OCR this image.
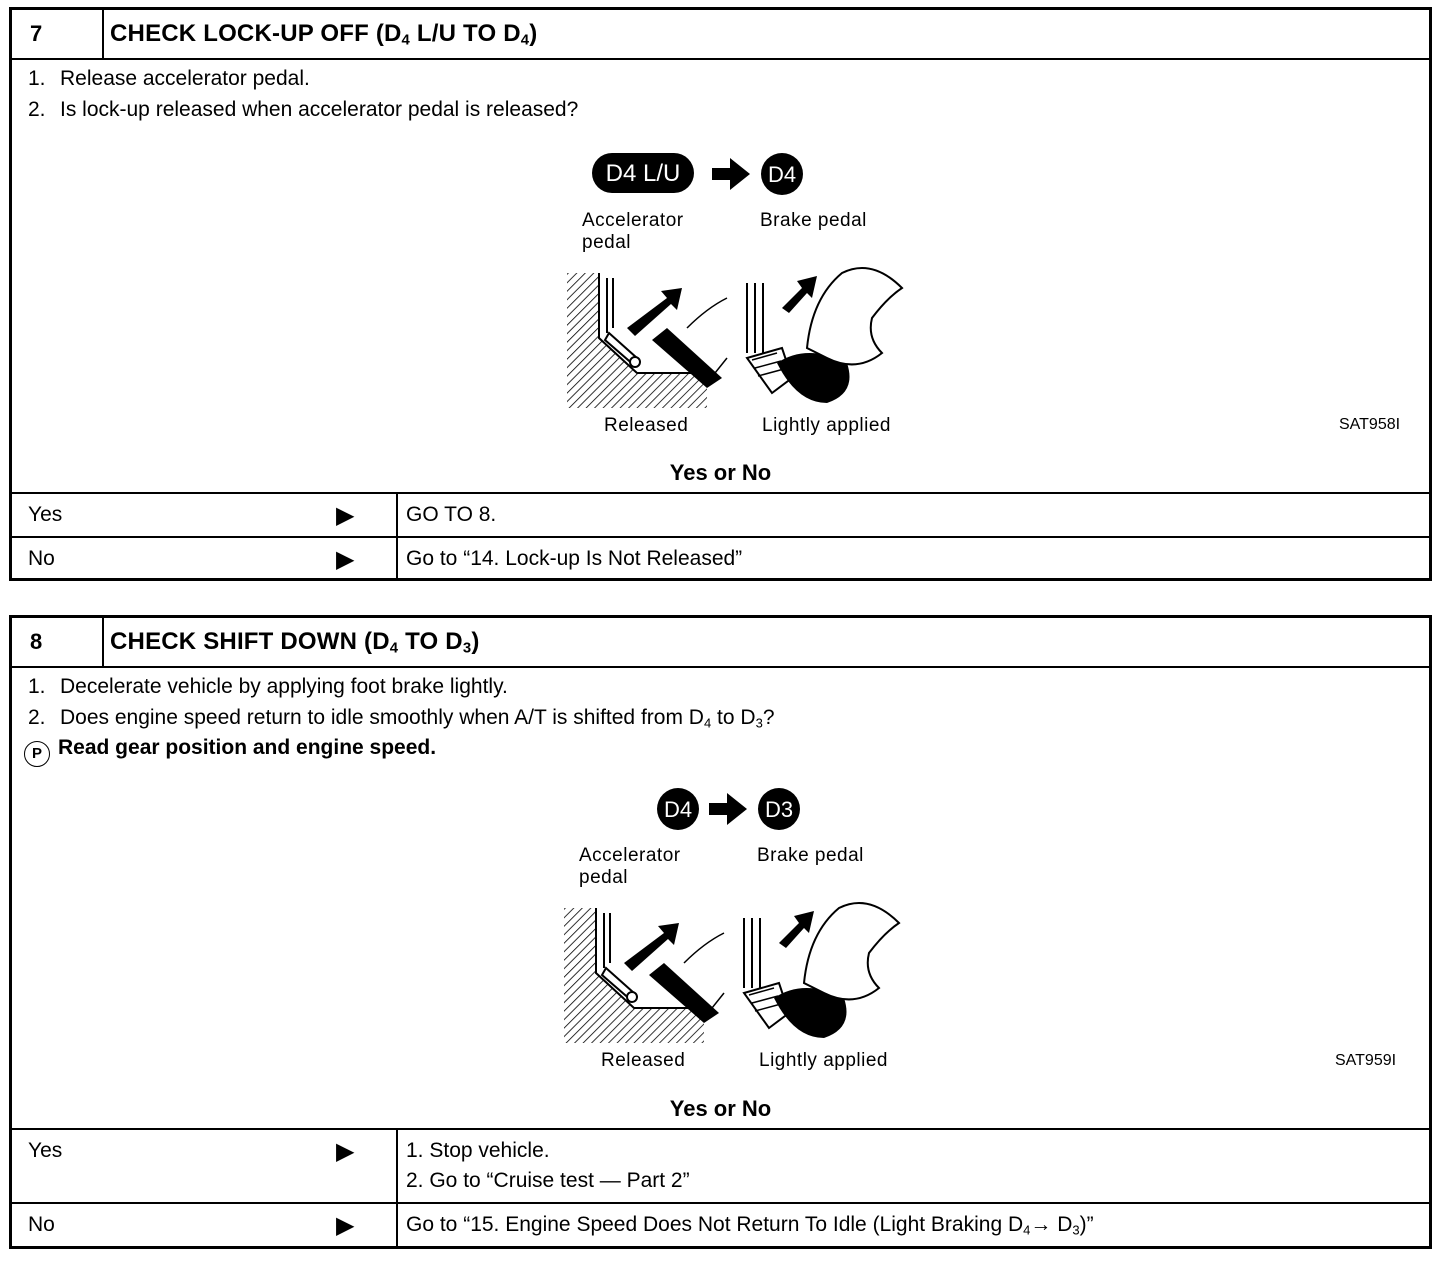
7	CHECK LOCK-UP OFF ($D_4$ L/U TO $D_4$)
1. Release accelerator pedal.
2. Is lock-up released when accelerator pedal is released?
D4 L/U	D4
Accelerator
pedal
Brake pedal
Released	Lightly applied	SAT958I
Yes or No
Yes	▶ GO TO 8.
No	▶ Go to “14. Lock-up Is Not Released”
8	CHECK SHIFT DOWN ($D_4$ TO $D_3$)
1. Decelerate vehicle by applying foot brake lightly.
2. Does engine speed return to idle smoothly when A/T is shifted from $D_4$ to $D_3$?
P Read gear position and engine speed.
D4	D3
Accelerator
pedal
Brake pedal
Released	Lightly applied	SAT959I
Yes or No
Yes	▶ 1. Stop vehicle.
2. Go to “Cruise test — Part 2”
No	▶ Go to “15. Engine Speed Does Not Return To Idle (Light Braking $D_4\to D_3$)”
